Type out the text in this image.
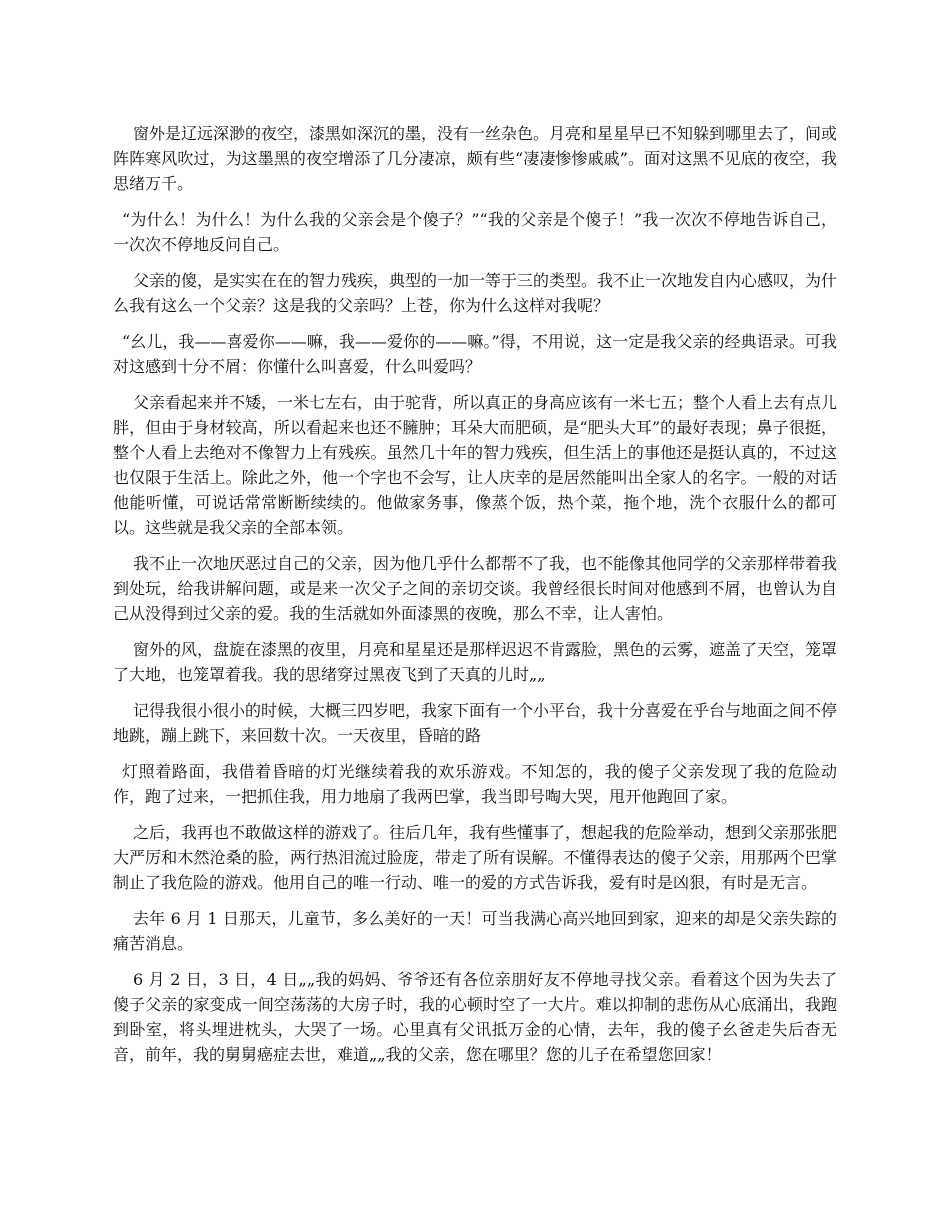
窗外是辽远深渺的夜空，漆黑如深沉的墨，没有一丝杂色。月亮和星星早已不知躲到哪里去了，间或阵阵寒风吹过，为这墨黑的夜空增添了几分凄凉，颇有些“凄凄惨惨戚戚”。面对这黑不见底的夜空，我思绪万千。

“为什么！为什么！为什么我的父亲会是个傻子？”“我的父亲是个傻子！”我一次次不停地告诉自己，一次次不停地反问自己。

父亲的傻，是实实在在的智力残疾，典型的一加一等于三的类型。我不止一次地发自内心感叹，为什么我有这么一个父亲？这是我的父亲吗？上苍，你为什么这样对我呢？

“幺儿，我——喜爱你——嘛，我——爱你的——嘛。”得，不用说，这一定是我父亲的经典语录。可我对这感到十分不屑：你懂什么叫喜爱，什么叫爱吗？

父亲看起来并不矮，一米七左右，由于驼背，所以真正的身高应该有一米七五；整个人看上去有点儿胖，但由于身材较高，所以看起来也还不臃肿；耳朵大而肥硕，是“肥头大耳”的最好表现；鼻子很挺，整个人看上去绝对不像智力上有残疾。虽然几十年的智力残疾，但生活上的事他还是挺认真的，不过这也仅限于生活上。除此之外，他一个字也不会写，让人庆幸的是居然能叫出全家人的名字。一般的对话他能听懂，可说话常常断断续续的。他做家务事，像蒸个饭，热个菜，拖个地，洗个衣服什么的都可以。这些就是我父亲的全部本领。

我不止一次地厌恶过自己的父亲，因为他几乎什么都帮不了我，也不能像其他同学的父亲那样带着我到处玩，给我讲解问题，或是来一次父子之间的亲切交谈。我曾经很长时间对他感到不屑，也曾认为自己从没得到过父亲的爱。我的生活就如外面漆黑的夜晚，那么不幸，让人害怕。

窗外的风，盘旋在漆黑的夜里，月亮和星星还是那样迟迟不肯露脸，黑色的云雾，遮盖了天空，笼罩了大地，也笼罩着我。我的思绪穿过黑夜飞到了天真的儿时„„

记得我很小很小的时候，大概三四岁吧，我家下面有一个小平台，我十分喜爱在乎台与地面之间不停地跳，蹦上跳下，来回数十次。一天夜里，昏暗的路

灯照着路面，我借着昏暗的灯光继续着我的欢乐游戏。不知怎的，我的傻子父亲发现了我的危险动作，跑了过来，一把抓住我，用力地扇了我两巴掌，我当即号啕大哭，甩开他跑回了家。

之后，我再也不敢做这样的游戏了。往后几年，我有些懂事了，想起我的危险举动，想到父亲那张肥大严厉和木然沧桑的脸，两行热泪流过脸庞，带走了所有误解。不懂得表达的傻子父亲，用那两个巴掌制止了我危险的游戏。他用自己的唯一行动、唯一的爱的方式告诉我，爱有时是凶狠，有时是无言。

去年 6 月 1 日那天，儿童节，多么美好的一天！可当我满心高兴地回到家，迎来的却是父亲失踪的痛苦消息。

6 月 2 日，3 日，4 日„„我的妈妈、爷爷还有各位亲朋好友不停地寻找父亲。看着这个因为失去了傻子父亲的家变成一间空荡荡的大房子时，我的心顿时空了一大片。难以抑制的悲伤从心底涌出，我跑到卧室，将头埋进枕头，大哭了一场。心里真有父讯抵万金的心情，去年，我的傻子幺爸走失后杳无音，前年，我的舅舅癌症去世，难道„„我的父亲，您在哪里？您的儿子在希望您回家！
